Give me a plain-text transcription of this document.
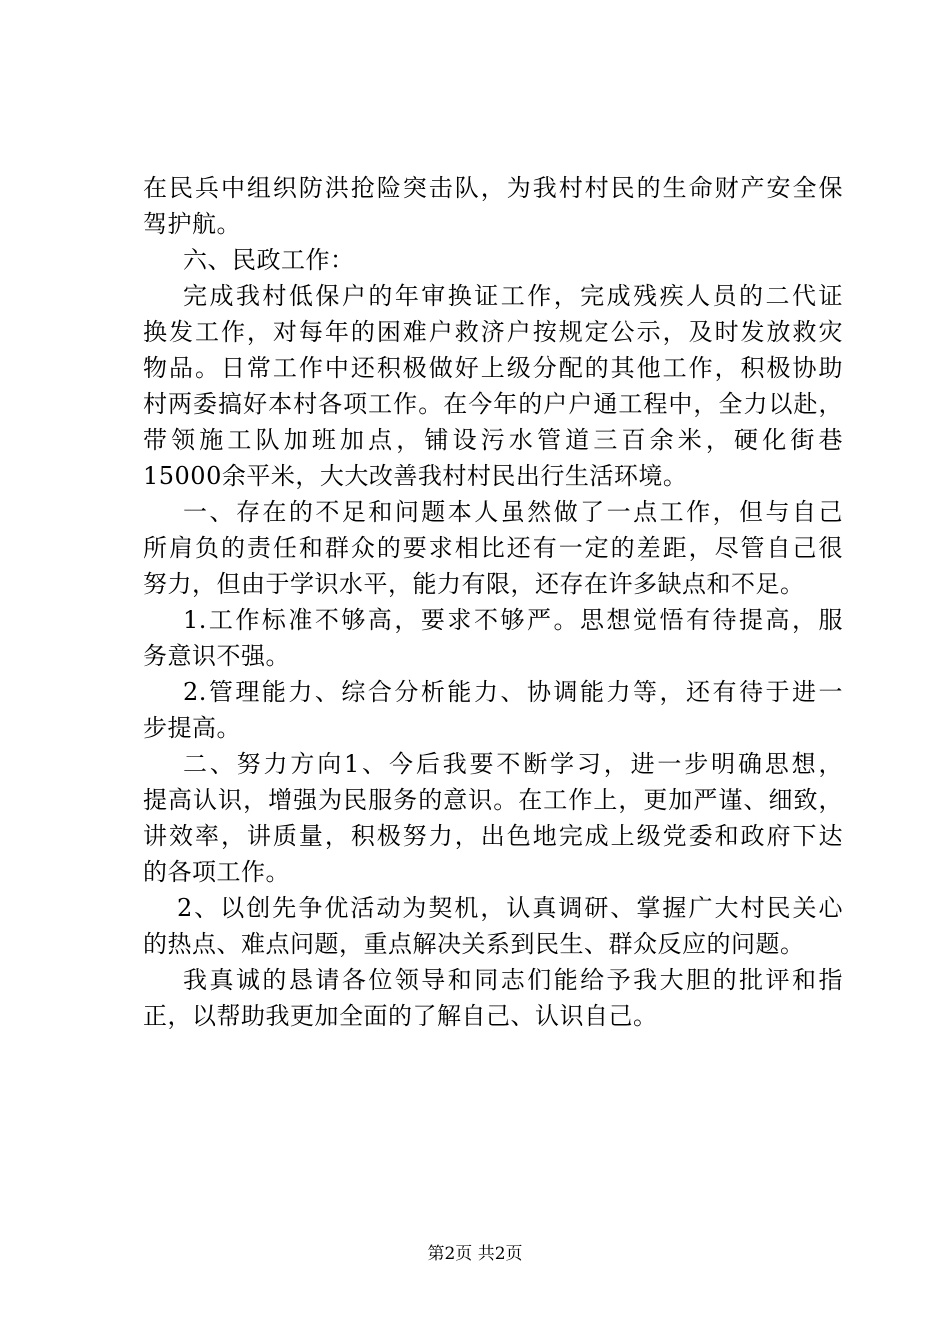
在民兵中组织防洪抢险突击队，为我村村民的生命财产安全保
驾护航。
六、民政工作：
完成我村低保户的年审换证工作，完成残疾人员的二代证
换发工作，对每年的困难户救济户按规定公示，及时发放救灾
物品。日常工作中还积极做好上级分配的其他工作，积极协助
村两委搞好本村各项工作。在今年的户户通工程中，全力以赴，
带领施工队加班加点，铺设污水管道三百余米，硬化街巷
15000余平米，大大改善我村村民出行生活环境。
一、存在的不足和问题本人虽然做了一点工作，但与自己
所肩负的责任和群众的要求相比还有一定的差距，尽管自己很
努力，但由于学识水平，能力有限，还存在许多缺点和不足。
1.工作标准不够高，要求不够严。思想觉悟有待提高，服
务意识不强。
2.管理能力、综合分析能力、协调能力等，还有待于进一
步提高。
二、努力方向1、今后我要不断学习，进一步明确思想，
提高认识，增强为民服务的意识。在工作上，更加严谨、细致，
讲效率，讲质量，积极努力，出色地完成上级党委和政府下达
的各项工作。
2、以创先争优活动为契机，认真调研、掌握广大村民关心
的热点、难点问题，重点解决关系到民生、群众反应的问题。
我真诚的恳请各位领导和同志们能给予我大胆的批评和指
正，以帮助我更加全面的了解自己、认识自己。
第2页 共2页
